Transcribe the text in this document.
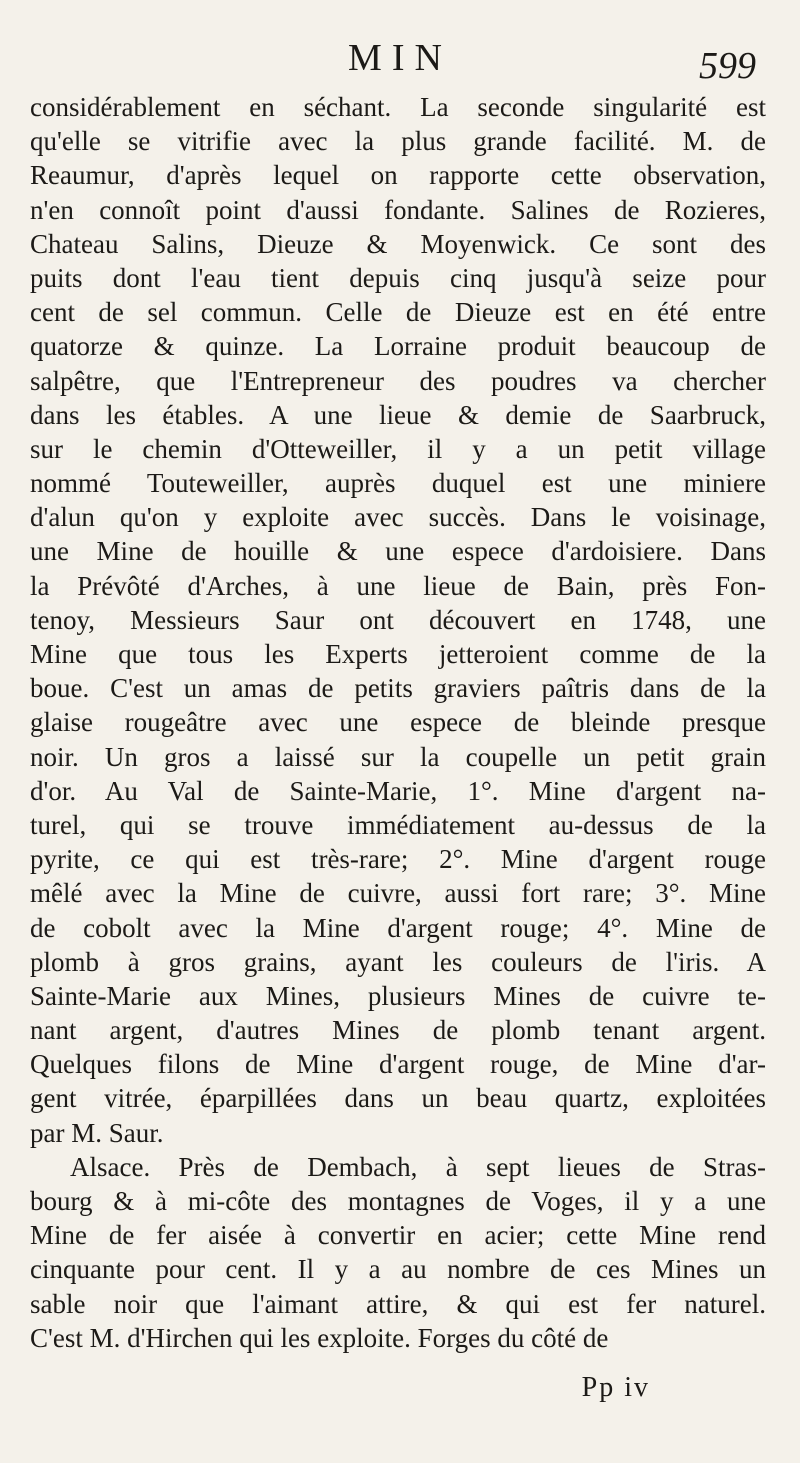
MIN	599
considérablement en séchant. La seconde singularité est
qu'elle se vitrifie avec la plus grande facilité. M. de
Reaumur, d'après lequel on rapporte cette observation,
n'en connoît point d'aussi fondante. Salines de Rozieres,
Chateau Salins, Dieuze & Moyenwick. Ce sont des
puits dont l'eau tient depuis cinq jusqu'à seize pour
cent de sel commun. Celle de Dieuze est en été entre
quatorze & quinze. La Lorraine produit beaucoup de
salpêtre, que l'Entrepreneur des poudres va chercher
dans les étables. A une lieue & demie de Saarbruck,
sur le chemin d'Otteweiller, il y a un petit village
nommé Touteweiller, auprès duquel est une miniere
d'alun qu'on y exploite avec succès. Dans le voisinage,
une Mine de houille & une espece d'ardoisiere. Dans
la Prévôté d'Arches, à une lieue de Bain, près Fon-
tenoy, Messieurs Saur ont découvert en 1748, une
Mine que tous les Experts jetteroient comme de la
boue. C'est un amas de petits graviers paîtris dans de la
glaise rougeâtre avec une espece de bleinde presque
noir. Un gros a laissé sur la coupelle un petit grain
d'or. Au Val de Sainte-Marie, 1°. Mine d'argent na-
turel, qui se trouve immédiatement au-dessus de la
pyrite, ce qui est très-rare; 2°. Mine d'argent rouge
mêlé avec la Mine de cuivre, aussi fort rare; 3°. Mine
de cobolt avec la Mine d'argent rouge; 4°. Mine de
plomb à gros grains, ayant les couleurs de l'iris. A
Sainte-Marie aux Mines, plusieurs Mines de cuivre te-
nant argent, d'autres Mines de plomb tenant argent.
Quelques filons de Mine d'argent rouge, de Mine d'ar-
gent vitrée, éparpillées dans un beau quartz, exploitées
par M. Saur.
Alsace. Près de Dembach, à sept lieues de Stras-
bourg & à mi-côte des montagnes de Voges, il y a une
Mine de fer aisée à convertir en acier; cette Mine rend
cinquante pour cent. Il y a au nombre de ces Mines un
sable noir que l'aimant attire, & qui est fer naturel.
C'est M. d'Hirchen qui les exploite. Forges du côté de
Pp iv
